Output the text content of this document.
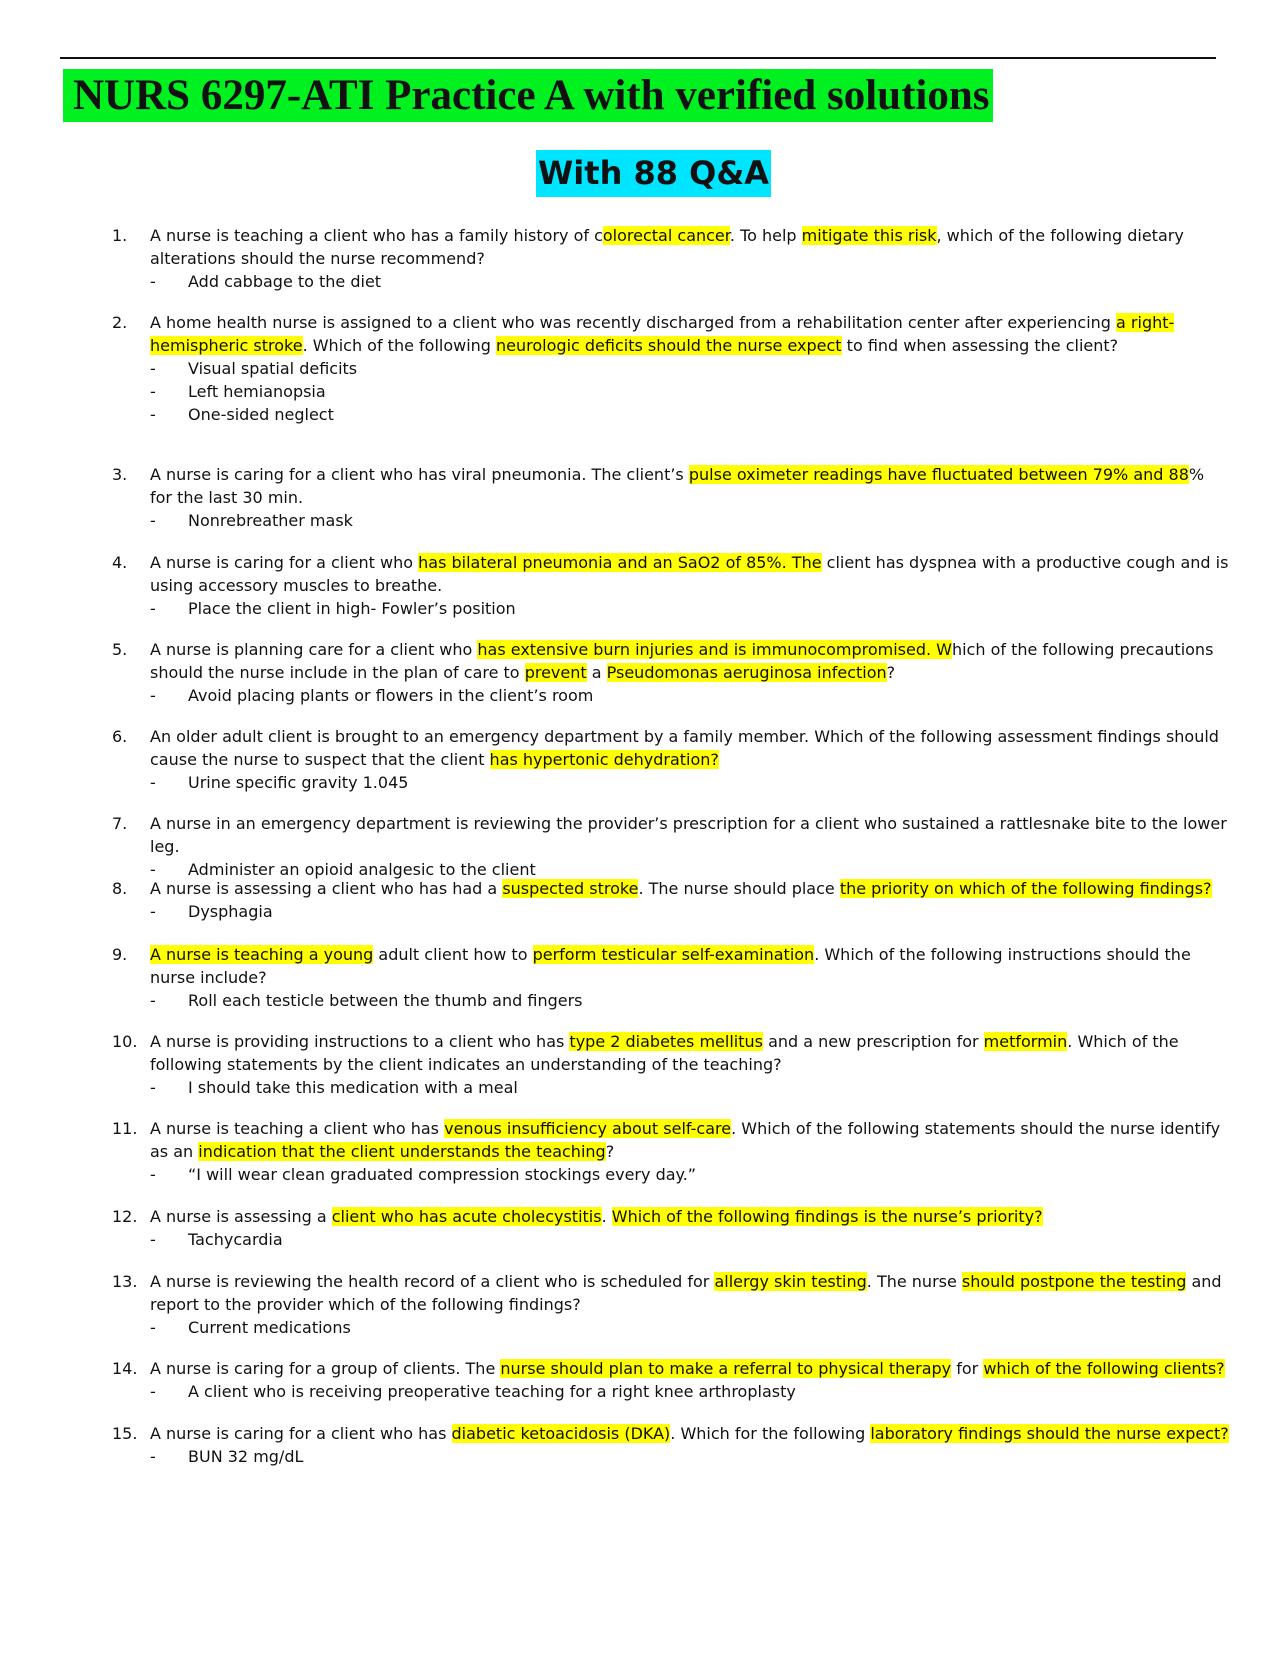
NURS 6297-ATI Practice A with verified solutions
With 88 Q&A
1.	A nurse is teaching a client who has a family history of colorectal cancer. To help mitigate this risk, which of the following dietary alterations should the nurse recommend?
- Add cabbage to the diet
2.	A home health nurse is assigned to a client who was recently discharged from a rehabilitation center after experiencing a right- hemispheric stroke. Which of the following neurologic deficits should the nurse expect to find when assessing the client?
- Visual spatial deficits
- Left hemianopsia
- One-sided neglect
3.	A nurse is caring for a client who has viral pneumonia. The client’s pulse oximeter readings have fluctuated between 79% and 88% for the last 30 min.
- Nonrebreather mask
4.	A nurse is caring for a client who has bilateral pneumonia and an SaO2 of 85%. The client has dyspnea with a productive cough and is using accessory muscles to breathe.
- Place the client in high- Fowler’s position
5.	A nurse is planning care for a client who has extensive burn injuries and is immunocompromised. Which of the following precautions should the nurse include in the plan of care to prevent a Pseudomonas aeruginosa infection?
- Avoid placing plants or flowers in the client’s room
6.	An older adult client is brought to an emergency department by a family member. Which of the following assessment findings should cause the nurse to suspect that the client has hypertonic dehydration?
- Urine specific gravity 1.045
7.	A nurse in an emergency department is reviewing the provider’s prescription for a client who sustained a rattlesnake bite to the lower leg.
- Administer an opioid analgesic to the client
8.	A nurse is assessing a client who has had a suspected stroke. The nurse should place the priority on which of the following findings?
- Dysphagia
9.	A nurse is teaching a young adult client how to perform testicular self-examination. Which of the following instructions should the nurse include?
- Roll each testicle between the thumb and fingers
10. A nurse is providing instructions to a client who has type 2 diabetes mellitus and a new prescription for metformin. Which of the following statements by the client indicates an understanding of the teaching?
- I should take this medication with a meal
11. A nurse is teaching a client who has venous insufficiency about self-care. Which of the following statements should the nurse identify as an indication that the client understands the teaching?
- “I will wear clean graduated compression stockings every day.”
12. A nurse is assessing a client who has acute cholecystitis. Which of the following findings is the nurse’s priority?
- Tachycardia
13. A nurse is reviewing the health record of a client who is scheduled for allergy skin testing. The nurse should postpone the testing and report to the provider which of the following findings?
- Current medications
14. A nurse is caring for a group of clients. The nurse should plan to make a referral to physical therapy for which of the following clients?
- A client who is receiving preoperative teaching for a right knee arthroplasty
15. A nurse is caring for a client who has diabetic ketoacidosis (DKA). Which for the following laboratory findings should the nurse expect?
- BUN 32 mg/dL
